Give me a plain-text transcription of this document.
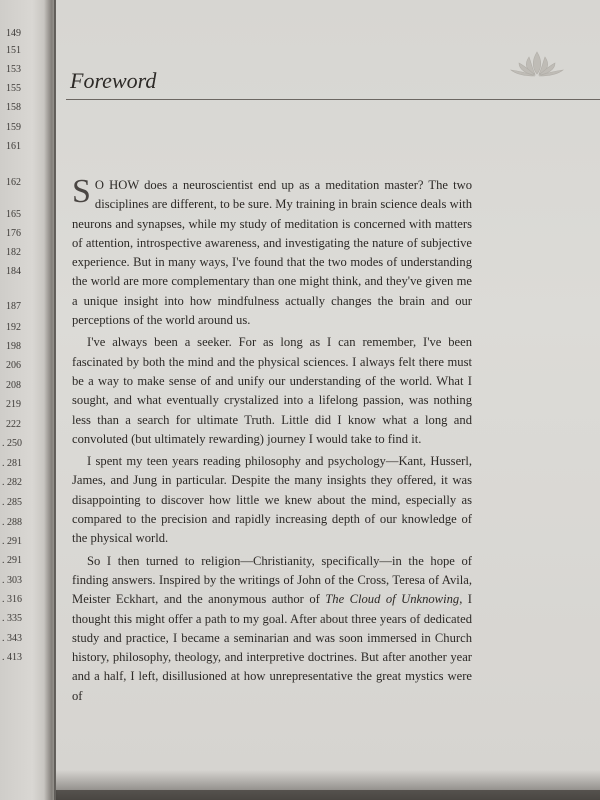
149
151
153
155
158
159
161
162
165
176
182
184
187
192
198
206
208
219
222
. 250
. 281
. 282
. 285
. 288
. 291
. 291
. 303
. 316
. 335
. 343
. 413
Foreword

S O HOW does a neuroscientist end up as a meditation master? The two disciplines are different, to be sure. My training in brain science deals with neurons and synapses, while my study of meditation is concerned with matters of attention, introspective awareness, and investigating the nature of subjective experience. But in many ways, I've found that the two modes of understanding the world are more complementary than one might think, and they've given me a unique insight into how mindfulness actually changes the brain and our perceptions of the world around us.

I've always been a seeker. For as long as I can remember, I've been fascinated by both the mind and the physical sciences. I always felt there must be a way to make sense of and unify our understanding of the world. What I sought, and what eventually crystalized into a lifelong passion, was nothing less than a search for ultimate Truth. Little did I know what a long and convoluted (but ultimately rewarding) journey I would take to find it.

I spent my teen years reading philosophy and psychology—Kant, Husserl, James, and Jung in particular. Despite the many insights they offered, it was disappointing to discover how little we knew about the mind, especially as compared to the precision and rapidly increasing depth of our knowledge of the physical world.

So I then turned to religion—Christianity, specifically—in the hope of finding answers. Inspired by the writings of John of the Cross, Teresa of Avila, Meister Eckhart, and the anonymous author of The Cloud of Unknowing, I thought this might offer a path to my goal. After about three years of dedicated study and practice, I became a seminarian and was soon immersed in Church history, philosophy, theology, and interpretive doctrines. But after another year and a half, I left, disillusioned at how unrepresentative the great mystics were of
